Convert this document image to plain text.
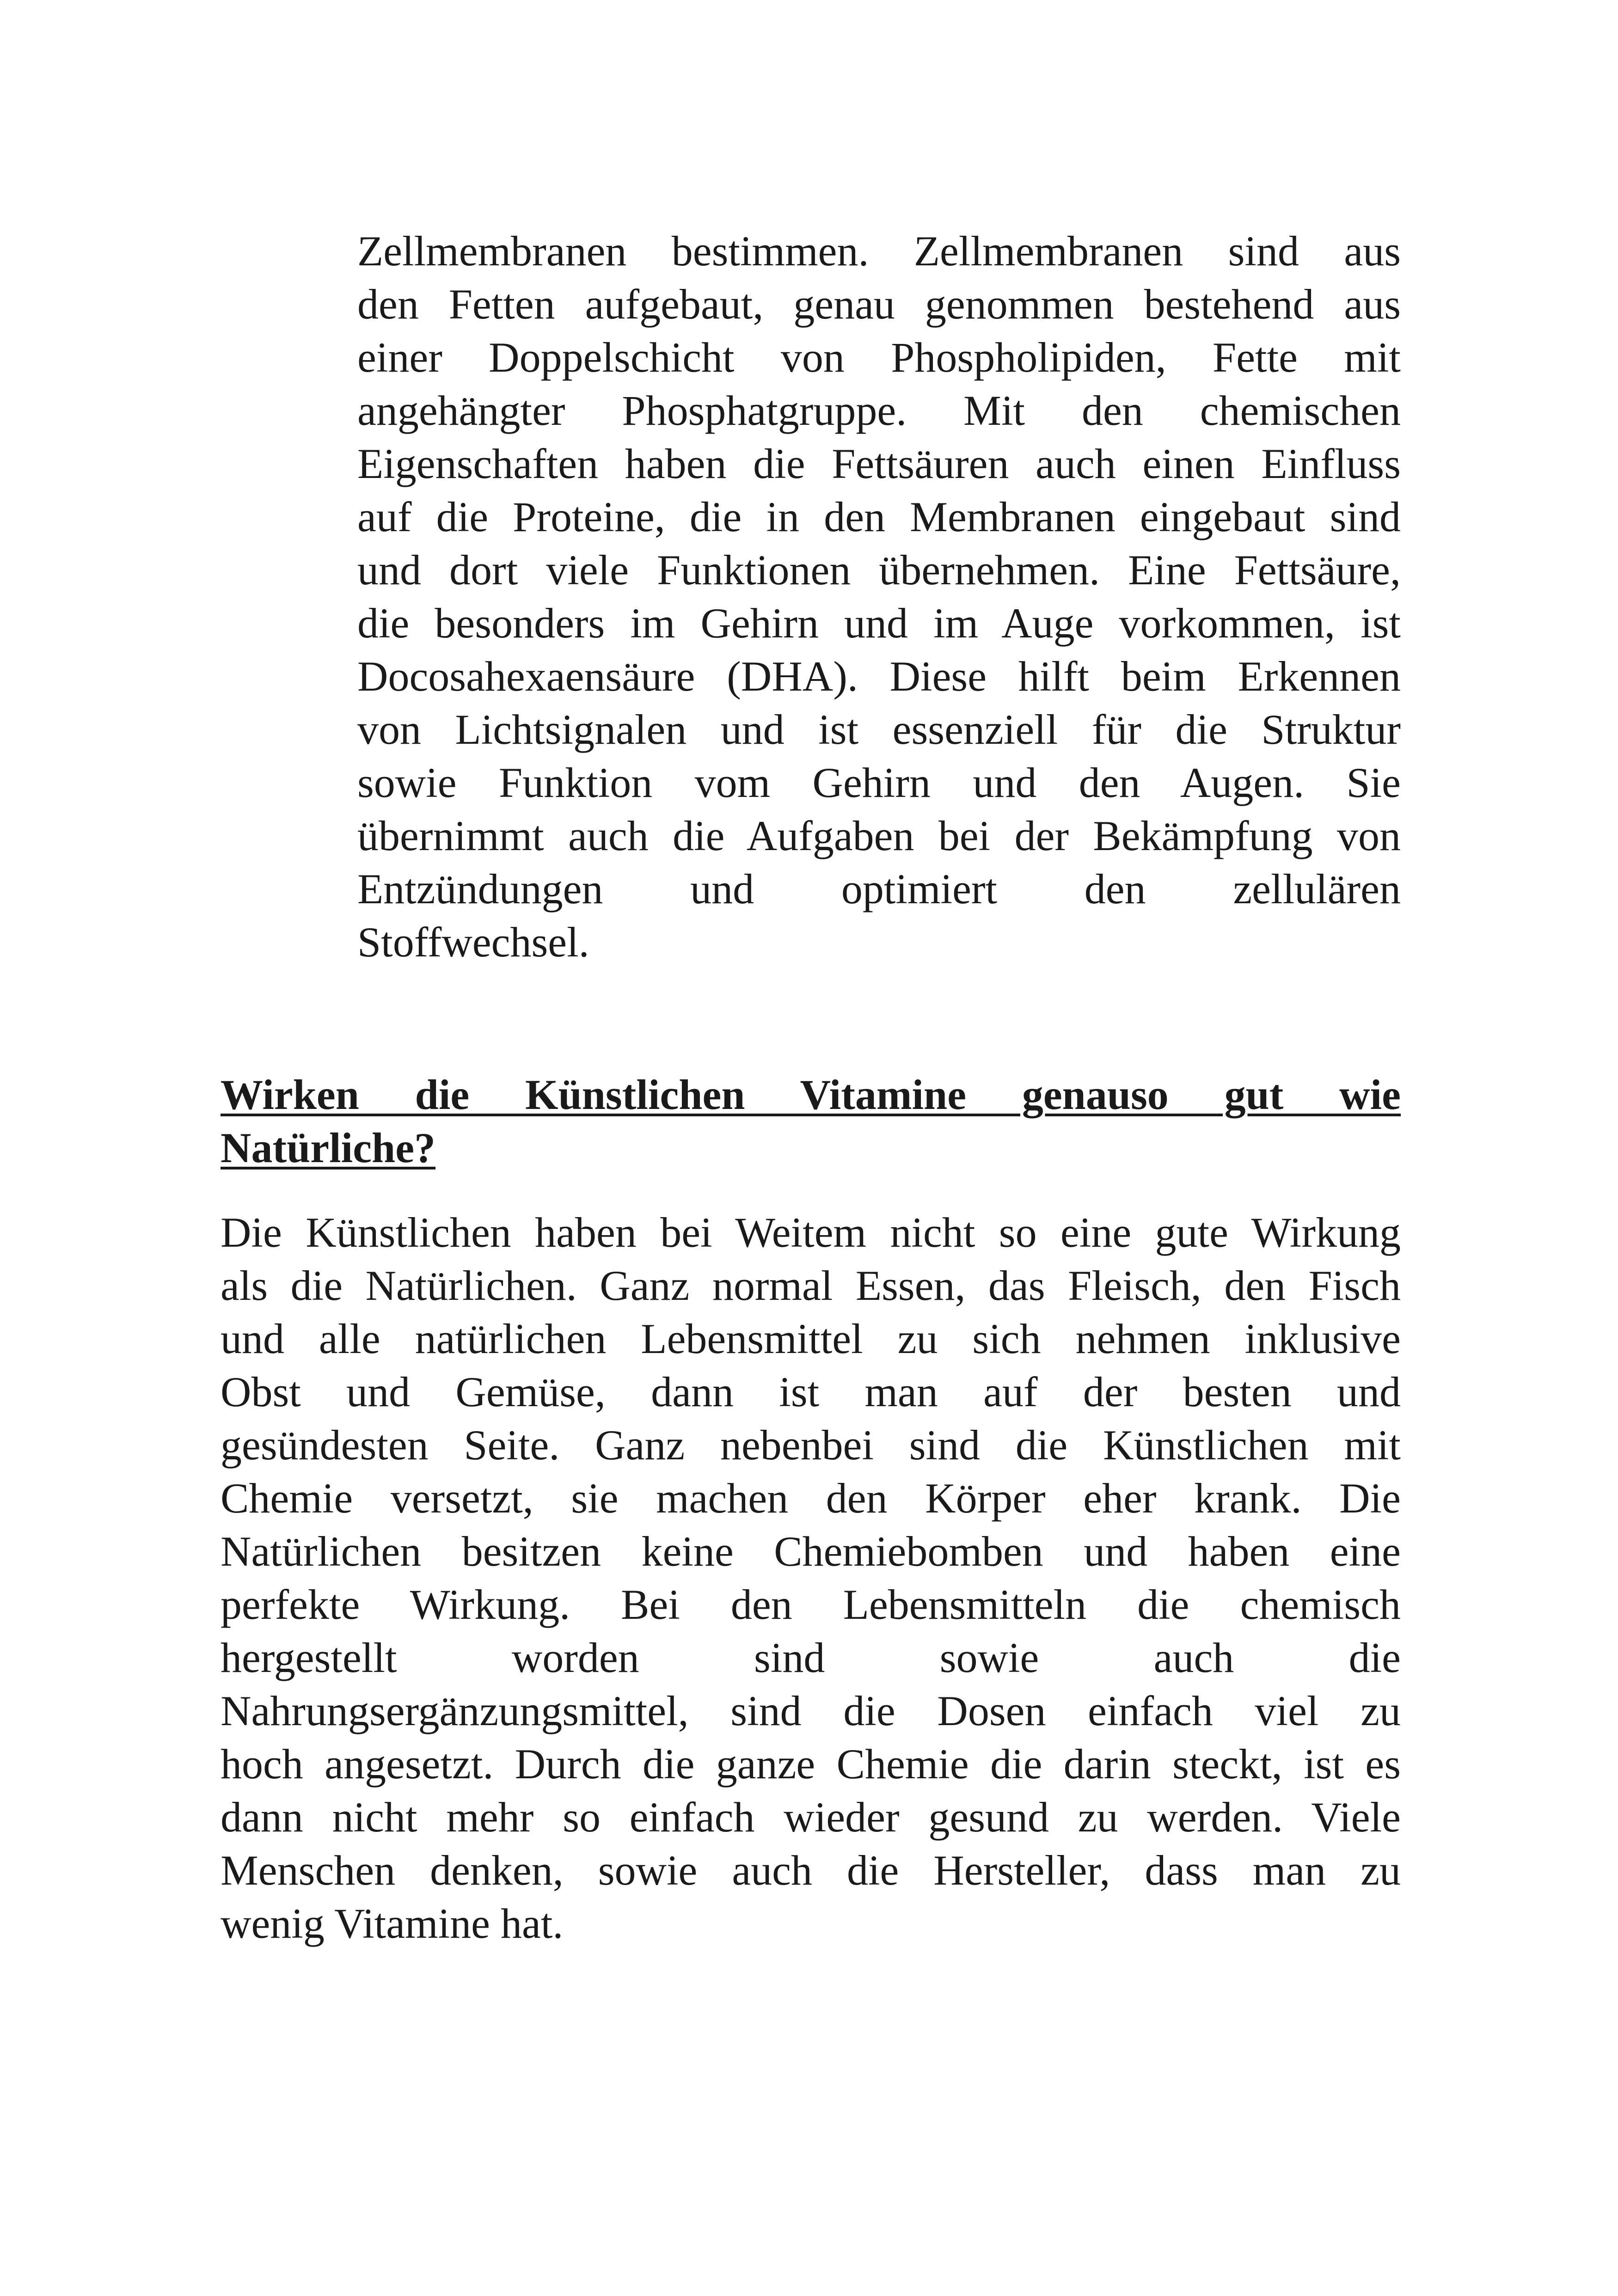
Zellmembranen bestimmen. Zellmembranen sind aus

den Fetten aufgebaut, genau genommen bestehend aus

einer Doppelschicht von Phospholipiden, Fette mit

angehängter Phosphatgruppe. Mit den chemischen

Eigenschaften haben die Fettsäuren auch einen Einfluss

auf die Proteine, die in den Membranen eingebaut sind

und dort viele Funktionen übernehmen. Eine Fettsäure,

die besonders im Gehirn und im Auge vorkommen, ist

Docosahexaensäure (DHA). Diese hilft beim Erkennen

von Lichtsignalen und ist essenziell für die Struktur

sowie Funktion vom Gehirn und den Augen. Sie

übernimmt auch die Aufgaben bei der Bekämpfung von

Entzündungen und optimiert den zellulären

Stoffwechsel.

Wirken die Künstlichen Vitamine genauso gut wie

Natürliche?

Die Künstlichen haben bei Weitem nicht so eine gute Wirkung

als die Natürlichen. Ganz normal Essen, das Fleisch, den Fisch

und alle natürlichen Lebensmittel zu sich nehmen inklusive

Obst und Gemüse, dann ist man auf der besten und

gesündesten Seite. Ganz nebenbei sind die Künstlichen mit

Chemie versetzt, sie machen den Körper eher krank. Die

Natürlichen besitzen keine Chemiebomben und haben eine

perfekte Wirkung. Bei den Lebensmitteln die chemisch

hergestellt worden sind sowie auch die

Nahrungsergänzungsmittel, sind die Dosen einfach viel zu

hoch angesetzt. Durch die ganze Chemie die darin steckt, ist es

dann nicht mehr so einfach wieder gesund zu werden. Viele

Menschen denken, sowie auch die Hersteller, dass man zu

wenig Vitamine hat.
